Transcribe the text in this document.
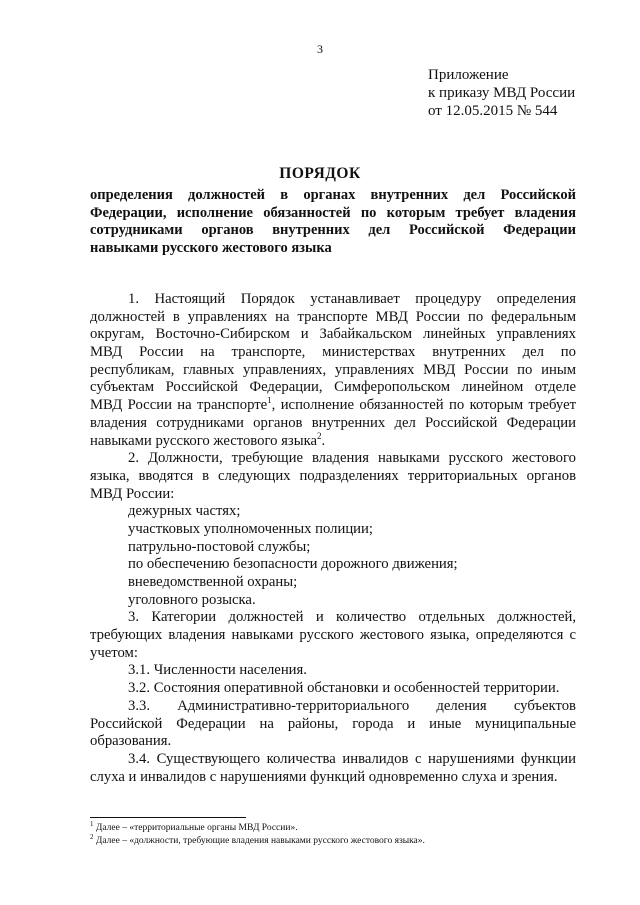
3
Приложение
к приказу МВД России
от 12.05.2015 № 544
ПОРЯДОК
определения должностей в органах внутренних дел Российской
Федерации, исполнение обязанностей по которым требует владения
сотрудниками органов внутренних дел Российской Федерации
навыками русского жестового языка
1. Настоящий Порядок устанавливает процедуру определения
должностей в управлениях на транспорте МВД России по федеральным
округам, Восточно-Сибирском и Забайкальском линейных управлениях
МВД России на транспорте, министерствах внутренних дел по
республикам, главных управлениях, управлениях МВД России по иным
субъектам Российской Федерации, Симферопольском линейном отделе
МВД России на транспорте$^1$, исполнение обязанностей по которым требует
владения сотрудниками органов внутренних дел Российской Федерации
навыками русского жестового языка$^2$.
2. Должности, требующие владения навыками русского жестового
языка, вводятся в следующих подразделениях территориальных органов
МВД России:
дежурных частях;
участковых уполномоченных полиции;
патрульно-постовой службы;
по обеспечению безопасности дорожного движения;
вневедомственной охраны;
уголовного розыска.
3. Категории должностей и количество отдельных должностей,
требующих владения навыками русского жестового языка, определяются с
учетом:
3.1. Численности населения.
3.2. Состояния оперативной обстановки и особенностей территории.
3.3. Административно-территориального деления субъектов
Российской Федерации на районы, города и иные муниципальные
образования.
3.4. Существующего количества инвалидов с нарушениями функции
слуха и инвалидов с нарушениями функций одновременно слуха и зрения.
$^1$ Далее – «территориальные органы МВД России».
$^2$ Далее – «должности, требующие владения навыками русского жестового языка».
